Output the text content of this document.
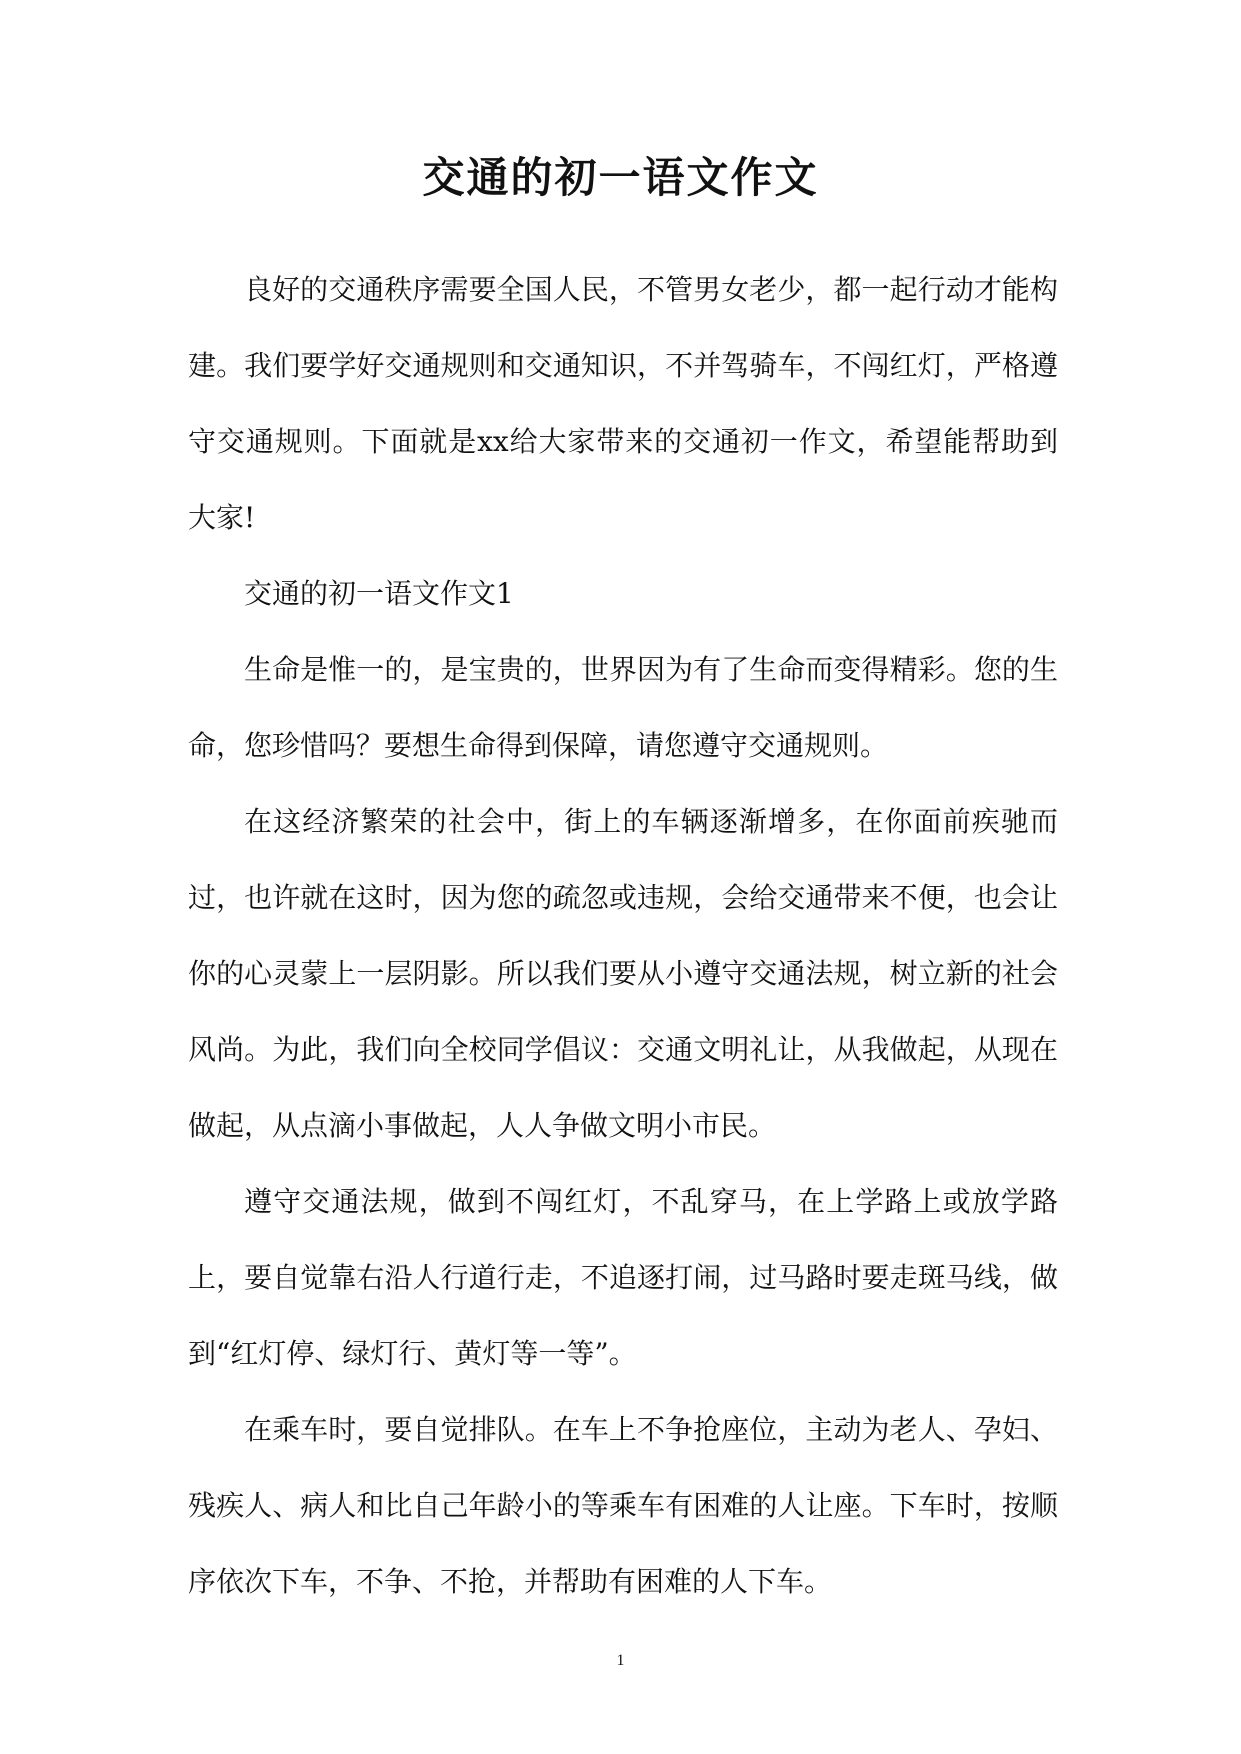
交通的初一语文作文

良好的交通秩序需要全国人民，不管男女老少，都一起行动才能构建。我们要学好交通规则和交通知识，不并驾骑车，不闯红灯，严格遵守交通规则。下面就是xx给大家带来的交通初一作文，希望能帮助到大家!

交通的初一语文作文1

生命是惟一的，是宝贵的，世界因为有了生命而变得精彩。您的生命，您珍惜吗？要想生命得到保障，请您遵守交通规则。

在这经济繁荣的社会中，街上的车辆逐渐增多，在你面前疾驰而过，也许就在这时，因为您的疏忽或违规，会给交通带来不便，也会让你的心灵蒙上一层阴影。所以我们要从小遵守交通法规，树立新的社会风尚。为此，我们向全校同学倡议：交通文明礼让，从我做起，从现在做起，从点滴小事做起，人人争做文明小市民。

遵守交通法规，做到不闯红灯，不乱穿马，在上学路上或放学路上，要自觉靠右沿人行道行走，不追逐打闹，过马路时要走斑马线，做到“红灯停、绿灯行、黄灯等一等”。

在乘车时，要自觉排队。在车上不争抢座位，主动为老人、孕妇、残疾人、病人和比自己年龄小的等乘车有困难的人让座。下车时，按顺序依次下车，不争、不抢，并帮助有困难的人下车。

1
